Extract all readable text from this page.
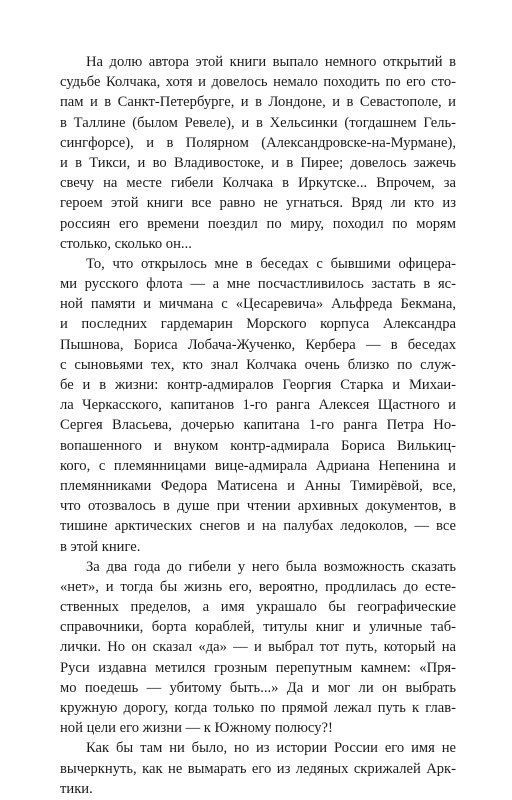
На долю автора этой книги выпало немного открытий в
судьбе Колчака, хотя и довелось немало походить по его сто-
пам и в Санкт-Петербурге, и в Лондоне, и в Севастополе, и
в Таллине (былом Ревеле), и в Хельсинки (тогдашнем Гель-
сингфорсе), и в Полярном (Александровске-на-Мурмане),
и в Тикси, и во Владивостоке, и в Пирее; довелось зажечь
свечу на месте гибели Колчака в Иркутске... Впрочем, за
героем этой книги все равно не угнаться. Вряд ли кто из
россиян его времени поездил по миру, походил по морям
столько, сколько он...
То, что открылось мне в беседах с бывшими офицера-
ми русского флота — а мне посчастливилось застать в яс-
ной памяти и мичмана с «Цесаревича» Альфреда Бекмана,
и последних гардемарин Морского корпуса Александра
Пышнова, Бориса Лобача-Жученко, Кербера — в беседах
с сыновьями тех, кто знал Колчака очень близко по служ-
бе и в жизни: контр-адмиралов Георгия Старка и Михаи-
ла Черкасского, капитанов 1-го ранга Алексея Щастного и
Сергея Власьева, дочерью капитана 1-го ранга Петра Но-
вопашенного и внуком контр-адмирала Бориса Вилькиц-
кого, с племянницами вице-адмирала Адриана Непенина и
племянниками Федора Матисена и Анны Тимирёвой, все,
что отозвалось в душе при чтении архивных документов, в
тишине арктических снегов и на палубах ледоколов, — все
в этой книге.
За два года до гибели у него была возможность сказать
«нет», и тогда бы жизнь его, вероятно, продлилась до есте-
ственных пределов, а имя украшало бы географические
справочники, борта кораблей, титулы книг и уличные таб-
лички. Но он сказал «да» — и выбрал тот путь, который на
Руси издавна метился грозным перепутным камнем: «Пря-
мо поедешь — убитому быть...» Да и мог ли он выбрать
кружную дорогу, когда только по прямой лежал путь к глав-
ной цели его жизни — к Южному полюсу?!
Как бы там ни было, но из истории России его имя не
вычеркнуть, как не вымарать его из ледяных скрижалей Арк-
тики.
